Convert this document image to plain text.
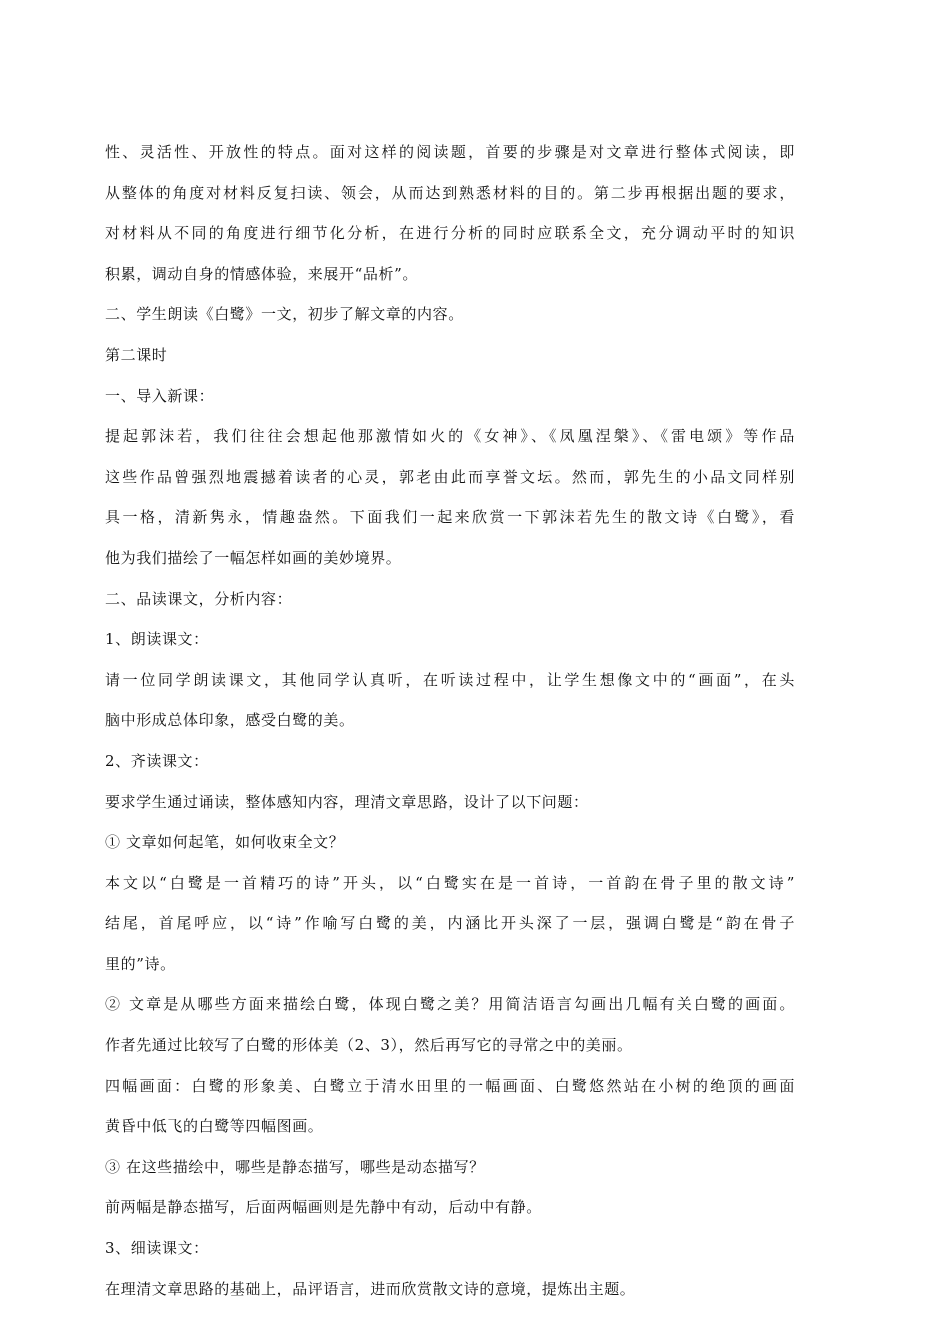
性、灵活性、开放性的特点。面对这样的阅读题，首要的步骤是对文章进行整体式阅读，即
从整体的角度对材料反复扫读、领会，从而达到熟悉材料的目的。第二步再根据出题的要求，
对材料从不同的角度进行细节化分析，在进行分析的同时应联系全文，充分调动平时的知识
积累，调动自身的情感体验，来展开“品析”。
二、学生朗读《白鹭》一文，初步了解文章的内容。
第二课时
一、导入新课：
提起郭沫若，我们往往会想起他那激情如火的《女神》、《凤凰涅槃》、《雷电颂》等作品
这些作品曾强烈地震撼着读者的心灵，郭老由此而享誉文坛。然而，郭先生的小品文同样别
具一格，清新隽永，情趣盎然。下面我们一起来欣赏一下郭沫若先生的散文诗《白鹭》，看
他为我们描绘了一幅怎样如画的美妙境界。
二、品读课文，分析内容：
1、朗读课文：
请一位同学朗读课文，其他同学认真听，在听读过程中，让学生想像文中的“画面”，在头
脑中形成总体印象，感受白鹭的美。
2、齐读课文：
要求学生通过诵读，整体感知内容，理清文章思路，设计了以下问题：
① 文章如何起笔，如何收束全文？
本文以“白鹭是一首精巧的诗”开头，以“白鹭实在是一首诗，一首韵在骨子里的散文诗”
结尾，首尾呼应，以“诗”作喻写白鹭的美，内涵比开头深了一层，强调白鹭是“韵在骨子
里的”诗。
② 文章是从哪些方面来描绘白鹭，体现白鹭之美？用简洁语言勾画出几幅有关白鹭的画面。
作者先通过比较写了白鹭的形体美（2、3），然后再写它的寻常之中的美丽。
四幅画面：白鹭的形象美、白鹭立于清水田里的一幅画面、白鹭悠然站在小树的绝顶的画面
黄昏中低飞的白鹭等四幅图画。
③ 在这些描绘中，哪些是静态描写，哪些是动态描写？
前两幅是静态描写，后面两幅画则是先静中有动，后动中有静。
3、细读课文：
在理清文章思路的基础上，品评语言，进而欣赏散文诗的意境，提炼出主题。
